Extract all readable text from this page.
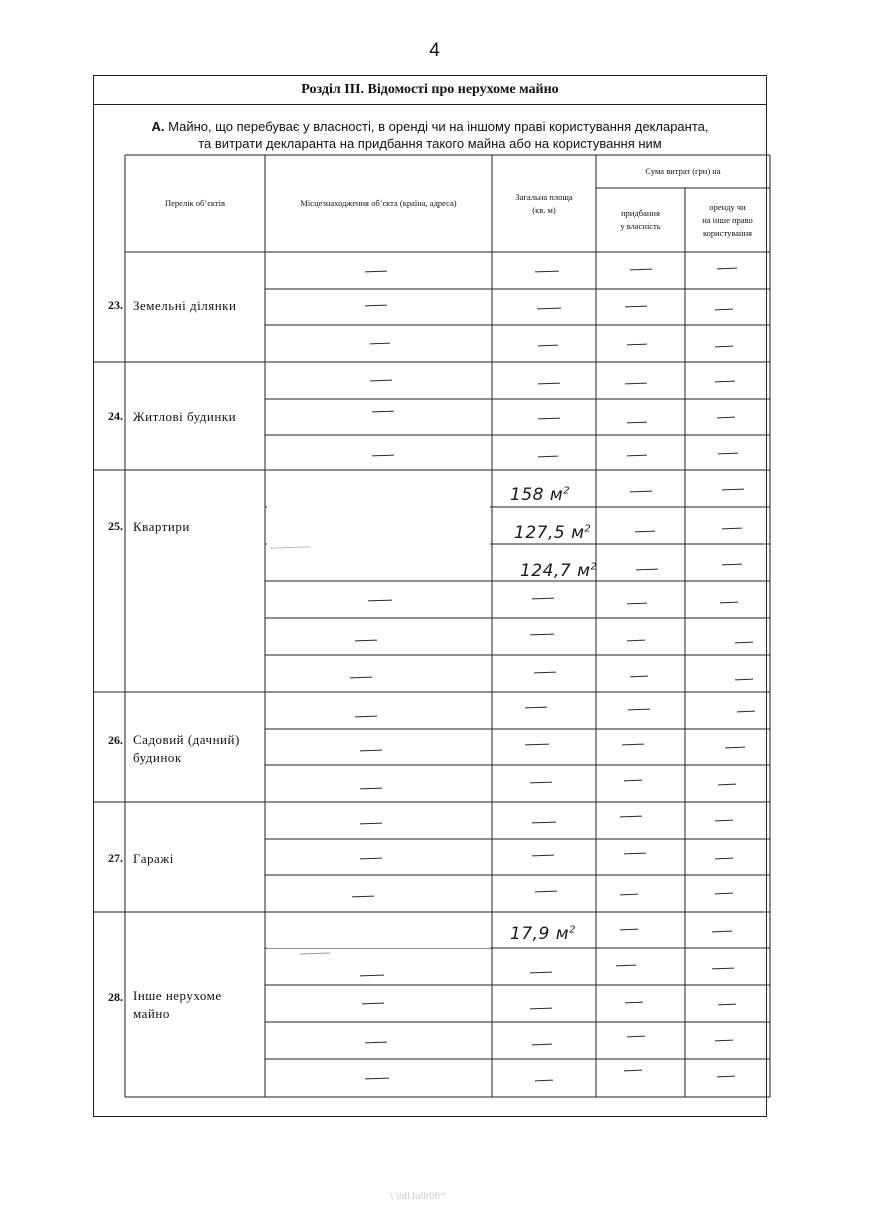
4
Розділ ІІІ. Відомості про нерухоме майно
А. Майно, що перебуває у власності, в оренді чи на іншому праві користування декларанта,
та витрати декларанта на придбання такого майна або на користування ним
Перелік об’єктів	Місцезнаходження об’єкта (країна, адреса)
Загальна площа
(кв. м)
Сума витрат (грн) на
придбання
у власність
оренду чи
на інше право
користування
23. Земельні ділянки
24. Житлові будинки
25. Квартири
26. Садовий (дачний)
будинок
27. Гаражі
28. Інше нерухоме
майно
158 $м^2$
127,5 $м^2$
124,7 $м^2$
17,9 $м^2$
\ \ldl.lullrllfr"
